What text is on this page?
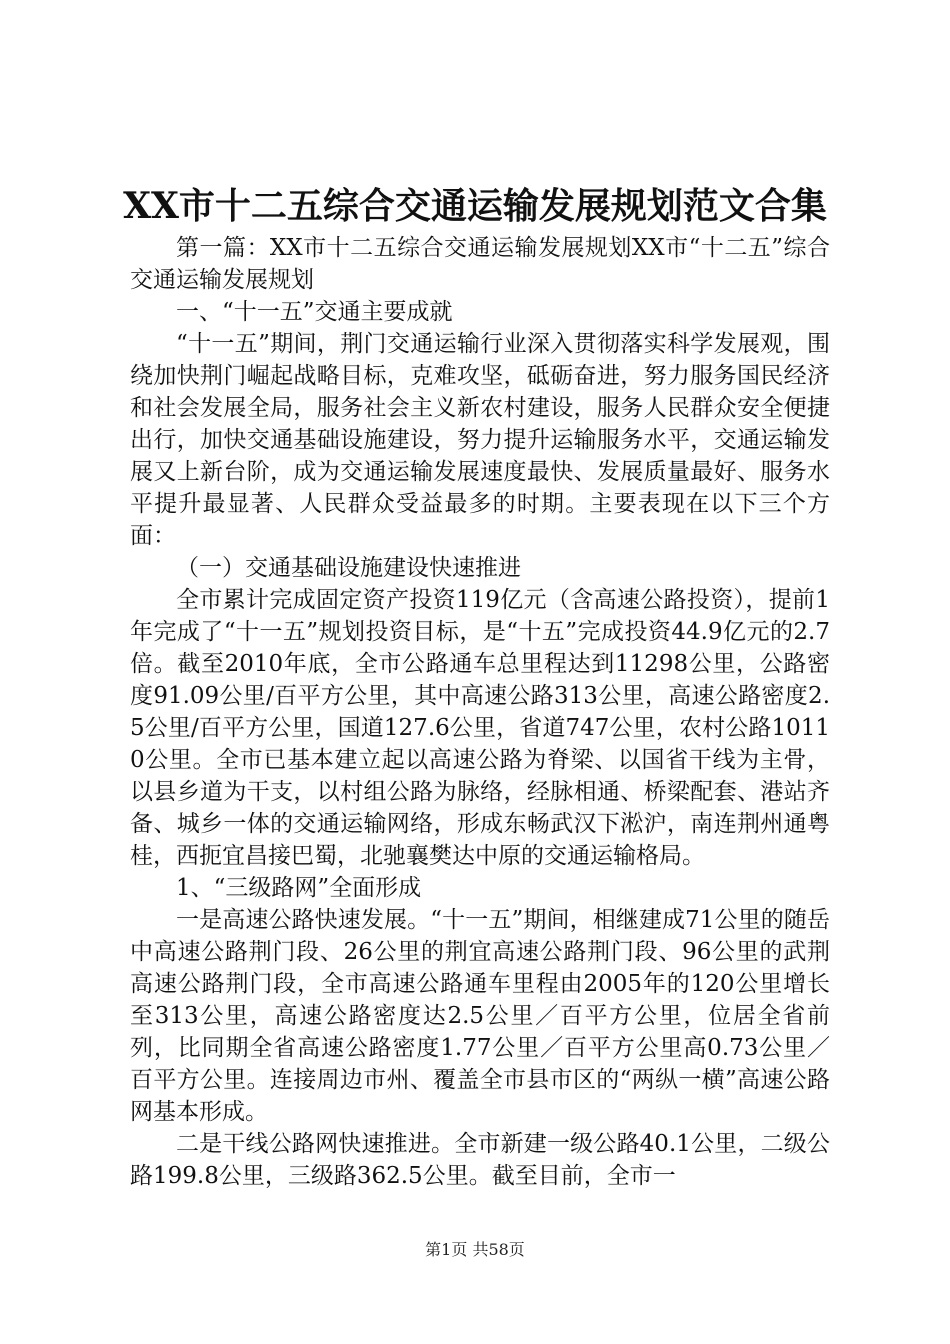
XX市十二五综合交通运输发展规划范文合集

第一篇：XX市十二五综合交通运输发展规划XX市“十二五”综合交通运输发展规划

一、“十一五”交通主要成就

“十一五”期间，荆门交通运输行业深入贯彻落实科学发展观，围绕加快荆门崛起战略目标，克难攻坚，砥砺奋进，努力服务国民经济和社会发展全局，服务社会主义新农村建设，服务人民群众安全便捷出行，加快交通基础设施建设，努力提升运输服务水平，交通运输发展又上新台阶，成为交通运输发展速度最快、发展质量最好、服务水平提升最显著、人民群众受益最多的时期。主要表现在以下三个方面：

（一）交通基础设施建设快速推进

全市累计完成固定资产投资119亿元（含高速公路投资），提前1年完成了“十一五”规划投资目标，是“十五”完成投资44.9亿元的2.7倍。截至2010年底，全市公路通车总里程达到11298公里，公路密度91.09公里/百平方公里，其中高速公路313公里，高速公路密度2.5公里/百平方公里，国道127.6公里，省道747公里，农村公路10110公里。全市已基本建立起以高速公路为脊梁、以国省干线为主骨，以县乡道为干支，以村组公路为脉络，经脉相通、桥梁配套、港站齐备、城乡一体的交通运输网络，形成东畅武汉下淞沪，南连荆州通粤桂，西扼宜昌接巴蜀，北驰襄樊达中原的交通运输格局。

1、“三级路网”全面形成

一是高速公路快速发展。“十一五”期间，相继建成71公里的随岳中高速公路荆门段、26公里的荆宜高速公路荆门段、96公里的武荆高速公路荆门段，全市高速公路通车里程由2005年的120公里增长至313公里，高速公路密度达2.5公里／百平方公里，位居全省前列，比同期全省高速公路密度1.77公里／百平方公里高0.73公里／百平方公里。连接周边市州、覆盖全市县市区的“两纵一横”高速公路网基本形成。

二是干线公路网快速推进。全市新建一级公路40.1公里，二级公路199.8公里，三级路362.5公里。截至目前，全市一

第1页 共58页
